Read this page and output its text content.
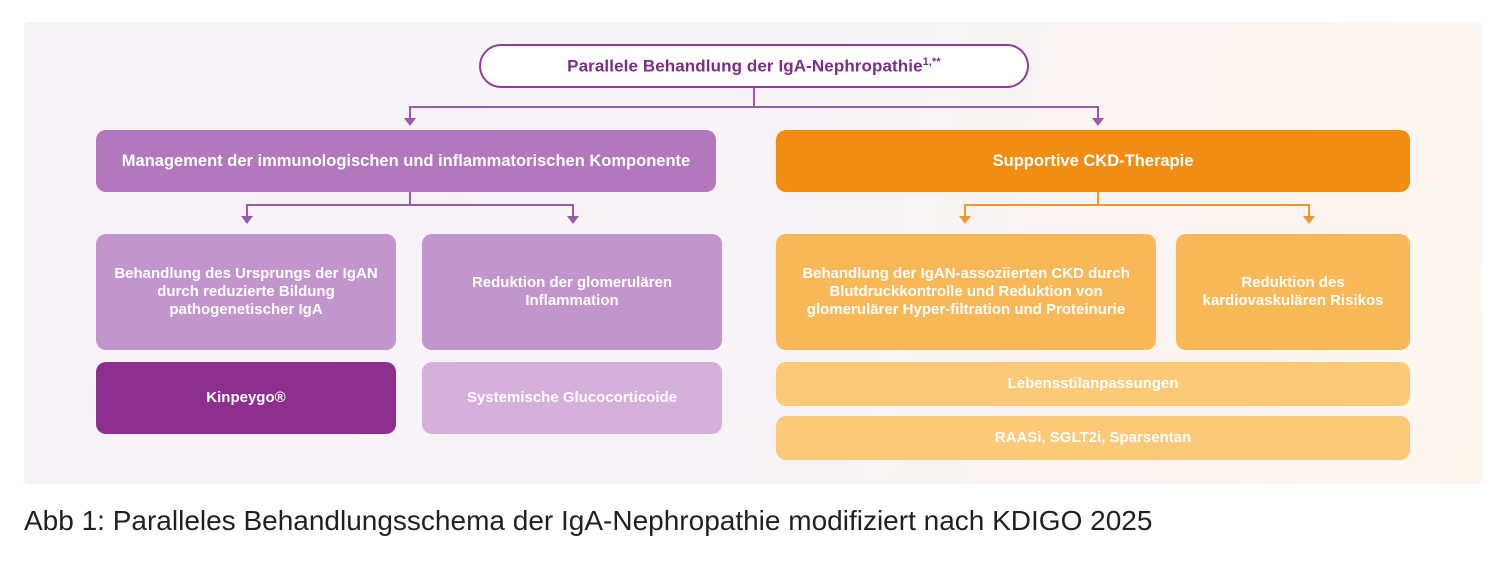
Parallele Behandlung der IgA-Nephropathie$^{1,**}$
Management der immunologischen und inflammatorischen Komponente
Behandlung des Ursprungs der IgAN durch reduzierte Bildung pathogenetischer IgA
Reduktion der glomerulären Inflammation
Kinpeygo®	Systemische Glucocorticoide
Supportive CKD-Therapie
Behandlung der IgAN-assoziierten CKD durch Blutdruckkontrolle und Reduktion von glomerulärer Hyper-filtration und Proteinurie
Reduktion des kardiovaskulären Risikos
Lebensstilanpassungen
RAASi, SGLT2i, Sparsentan
Abb 1: Paralleles Behandlungsschema der IgA-Nephropathie modifiziert nach KDIGO 2025
